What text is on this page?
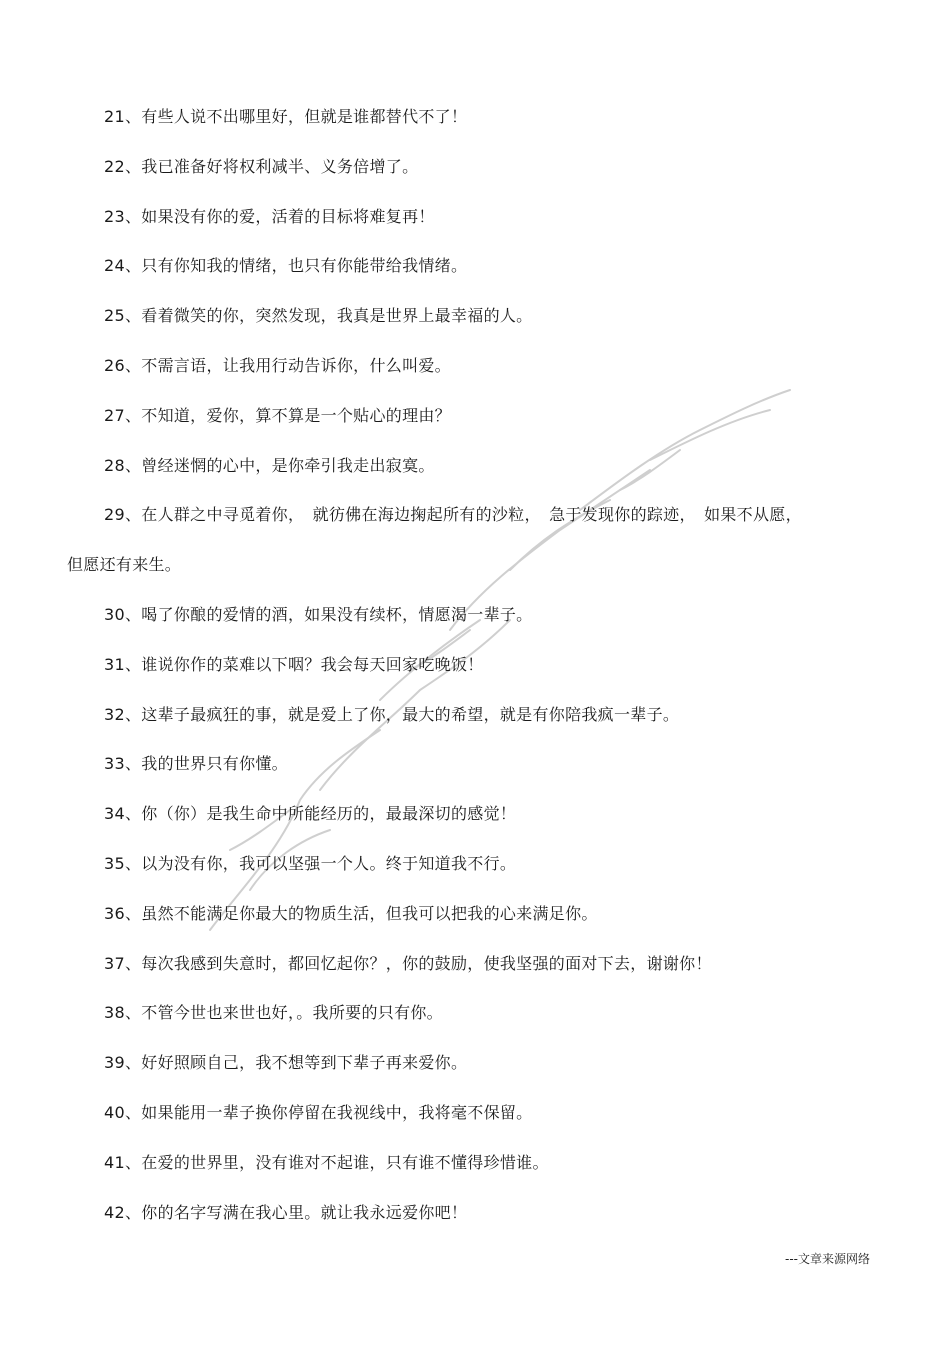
21、有些人说不出哪里好，但就是谁都替代不了！
22、我已准备好将权利减半、义务倍增了。
23、如果没有你的爱，活着的目标将难复再！
24、只有你知我的情绪，也只有你能带给我情绪。
25、看着微笑的你，突然发现，我真是世界上最幸福的人。
26、不需言语，让我用行动告诉你，什么叫爱。
27、不知道，爱你，算不算是一个贴心的理由？
28、曾经迷惘的心中，是你牵引我走出寂寞。
29、在人群之中寻觅着你，　就彷佛在海边掬起所有的沙粒，　急于发现你的踪迹，　如果不从愿，
但愿还有来生。
30、喝了你酿的爱情的酒，如果没有续杯，情愿渴一辈子。
31、谁说你作的菜难以下咽？我会每天回家吃晚饭！
32、这辈子最疯狂的事，就是爱上了你，最大的希望，就是有你陪我疯一辈子。
33、我的世界只有你懂。
34、你（你）是我生命中所能经历的，最最深切的感觉！
35、以为没有你，我可以坚强一个人。终于知道我不行。
36、虽然不能满足你最大的物质生活，但我可以把我的心来满足你。
37、每次我感到失意时，都回忆起你？，你的鼓励，使我坚强的面对下去，谢谢你！
38、不管今世也来世也好，。我所要的只有你。
39、好好照顾自己，我不想等到下辈子再来爱你。
40、如果能用一辈子换你停留在我视线中，我将毫不保留。
41、在爱的世界里，没有谁对不起谁，只有谁不懂得珍惜谁。
42、你的名字写满在我心里。就让我永远爱你吧！
---文章来源网络
